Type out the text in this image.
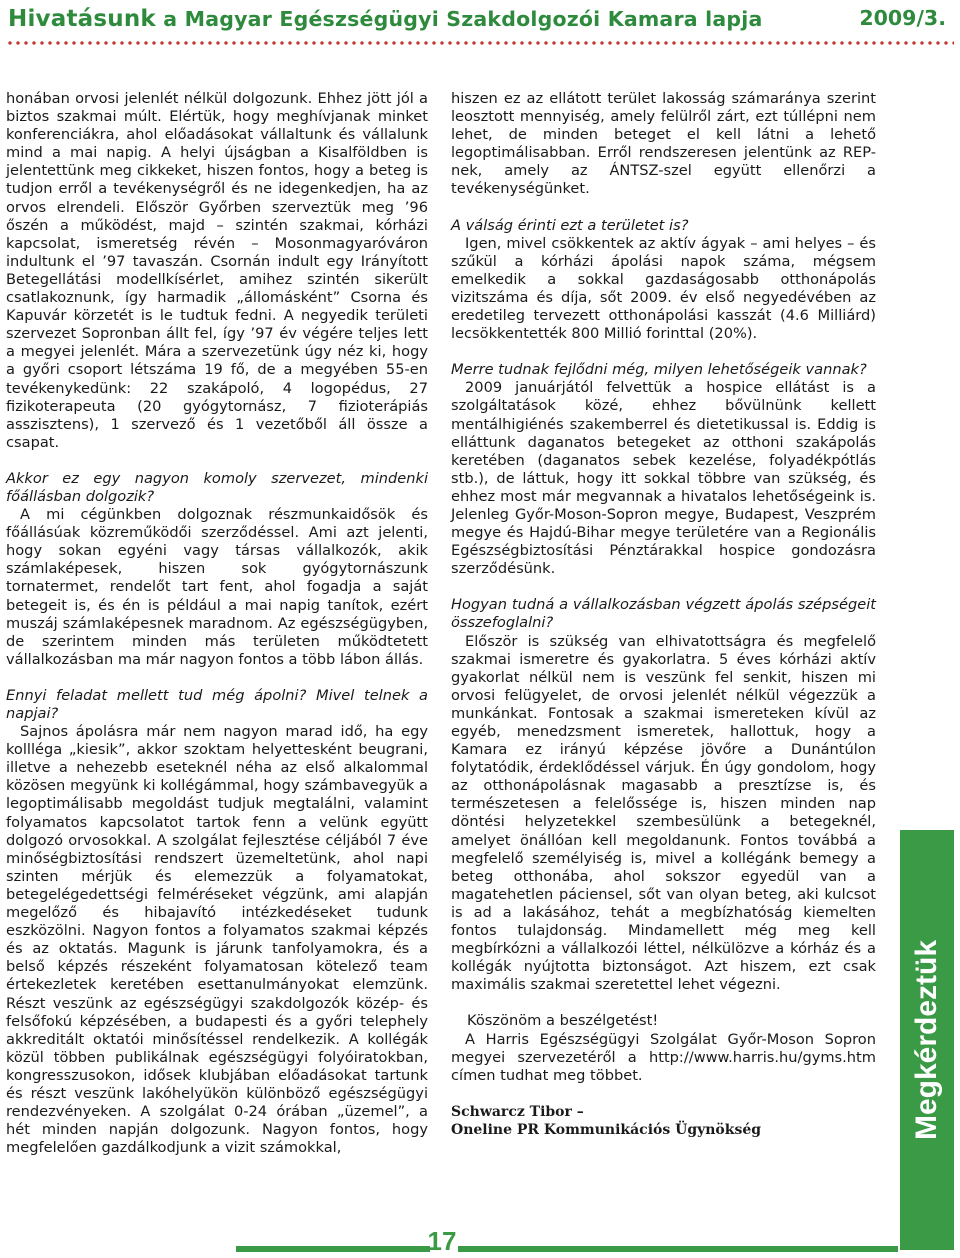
Hivatásunk a Magyar Egészségügyi Szakdolgozói Kamara lapja	2009/3.

honában orvosi jelenlét nélkül dolgozunk. Ehhez jött jól a biztos szakmai múlt. Elértük, hogy meghívjanak minket konferenciákra, ahol előadásokat vállaltunk és vállalunk mind a mai napig. A helyi újságban a Kisalföldben is jelentettünk meg cikkeket, hiszen fontos, hogy a beteg is tudjon erről a tevékenységről és ne idegenkedjen, ha az orvos elrendeli. Először Győrben szerveztük meg ’96 őszén a működést, majd – szintén szakmai, kórházi kapcsolat, ismeretség révén – Mosonmagyaróváron indultunk el ’97 tavaszán. Csornán indult egy Irányított Betegellátási modellkísérlet, amihez szintén sikerült csatlakoznunk, így harmadik „állomásként” Csorna és Kapuvár körzetét is le tudtuk fedni. A negyedik területi szervezet Sopronban állt fel, így ’97 év végére teljes lett a megyei jelenlét. Mára a szervezetünk úgy néz ki, hogy a győri csoport létszáma 19 fő, de a megyében 55-en tevékenykedünk: 22 szakápoló, 4 logopédus, 27 fizikoterapeuta (20 gyógytornász, 7 fizioterápiás asszisztens), 1 szervező és 1 vezetőből áll össze a csapat.

Akkor ez egy nagyon komoly szervezet, mindenki főállásban dolgozik?

A mi cégünkben dolgoznak részmunkaidősök és főállásúak közreműködői szerződéssel. Ami azt jelenti, hogy sokan egyéni vagy társas vállalkozók, akik számlaképesek, hiszen sok gyógytornászunk tornatermet, rendelőt tart fent, ahol fogadja a saját betegeit is, és én is például a mai napig tanítok, ezért muszáj számlaképesnek maradnom. Az egészségügyben, de szerintem minden más területen működtetett vállalkozásban ma már nagyon fontos a több lábon állás.

Ennyi feladat mellett tud még ápolni? Mivel telnek a napjai?

Sajnos ápolásra már nem nagyon marad idő, ha egy kollléga „kiesik”, akkor szoktam helyettesként beugrani, illetve a nehezebb eseteknél néha az első alkalommal közösen megyünk ki kollégámmal, hogy számbavegyük a legoptimálisabb megoldást tudjuk megtalálni, valamint folyamatos kapcsolatot tartok fenn a velünk együtt dolgozó orvosokkal. A szolgálat fejlesztése céljából 7 éve minőségbiztosítási rendszert üzemeltetünk, ahol napi szinten mérjük és elemezzük a folyamatokat, betegelégedettségi felméréseket végzünk, ami alapján megelőző és hibajavító intézkedéseket tudunk eszközölni. Nagyon fontos a folyamatos szakmai képzés és az oktatás. Magunk is járunk tanfolyamokra, és a belső képzés részeként folyamatosan kötelező team értekezletek keretében esettanulmányokat elemzünk. Részt veszünk az egészségügyi szakdolgozók közép- és felsőfokú képzésében, a budapesti és a győri telephely akkreditált oktatói minősítéssel rendelkezik. A kollégák közül többen publikálnak egészségügyi folyóiratokban, kongresszusokon, idősek klubjában előadásokat tartunk és részt veszünk lakóhelyükön különböző egészségügyi rendezvényeken. A szolgálat 0-24 órában „üzemel”, a hét minden napján dolgozunk. Nagyon fontos, hogy megfelelően gazdálkodjunk a vizit számokkal,

hiszen ez az ellátott terület lakosság számaránya szerint leosztott mennyiség, amely felülről zárt, ezt túllépni nem lehet, de minden beteget el kell látni a lehető legoptimálisabban. Erről rendszeresen jelentünk az REP-nek, amely az ÁNTSZ-szel együtt ellenőrzi a tevékenységünket.

A válság érinti ezt a területet is?

Igen, mivel csökkentek az aktív ágyak – ami helyes – és szűkül a kórházi ápolási napok száma, mégsem emelkedik a sokkal gazdaságosabb otthonápolás vizitszáma és díja, sőt 2009. év első negyedévében az eredetileg tervezett otthonápolási kasszát (4.6 Milliárd) lecsökkentették 800 Millió forinttal (20%).

Merre tudnak fejlődni még, milyen lehetőségeik vannak?

2009 januárjától felvettük a hospice ellátást is a szolgáltatások közé, ehhez bővülnünk kellett mentálhigiénés szakemberrel és dietetikussal is. Eddig is elláttunk daganatos betegeket az otthoni szakápolás keretében (daganatos sebek kezelése, folyadékpótlás stb.), de láttuk, hogy itt sokkal többre van szükség, és ehhez most már megvannak a hivatalos lehetőségeink is. Jelenleg Győr-Moson-Sopron megye, Budapest, Veszprém megye és Hajdú-Bihar megye területére van a Regionális Egészségbiztosítási Pénztárakkal hospice gondozásra szerződésünk.

Hogyan tudná a vállalkozásban végzett ápolás szépségeit összefoglalni?

Először is szükség van elhivatottságra és megfelelő szakmai ismeretre és gyakorlatra. 5 éves kórházi aktív gyakorlat nélkül nem is veszünk fel senkit, hiszen mi orvosi felügyelet, de orvosi jelenlét nélkül végezzük a munkánkat. Fontosak a szakmai ismereteken kívül az egyéb, menedzsment ismeretek, hallottuk, hogy a Kamara ez irányú képzése jövőre a Dunántúlon folytatódik, érdeklődéssel várjuk. Én úgy gondolom, hogy az otthonápolásnak magasabb a presztízse is, és természetesen a felelőssége is, hiszen minden nap döntési helyzetekkel szembesülünk a betegeknél, amelyet önállóan kell megoldanunk. Fontos továbbá a megfelelő személyiség is, mivel a kollégánk bemegy a beteg otthonába, ahol sokszor egyedül van a magatehetlen páciensel, sőt van olyan beteg, aki kulcsot is ad a lakásához, tehát a megbízhatóság kiemelten fontos tulajdonság. Mindamellett még meg kell megbírkózni a vállalkozói léttel, nélkülözve a kórház és a kollégák nyújtotta biztonságot. Azt hiszem, ezt csak maximális szakmai szeretettel lehet végezni.

Köszönöm a beszélgetést!

A Harris Egészségügyi Szolgálat Győr-Moson Sopron megyei szervezetéről a http://www.harris.hu/gyms.htm címen tudhat meg többet.

Schwarcz Tibor –

Oneline PR Kommunikációs Ügynökség	Megkérdeztük
17
